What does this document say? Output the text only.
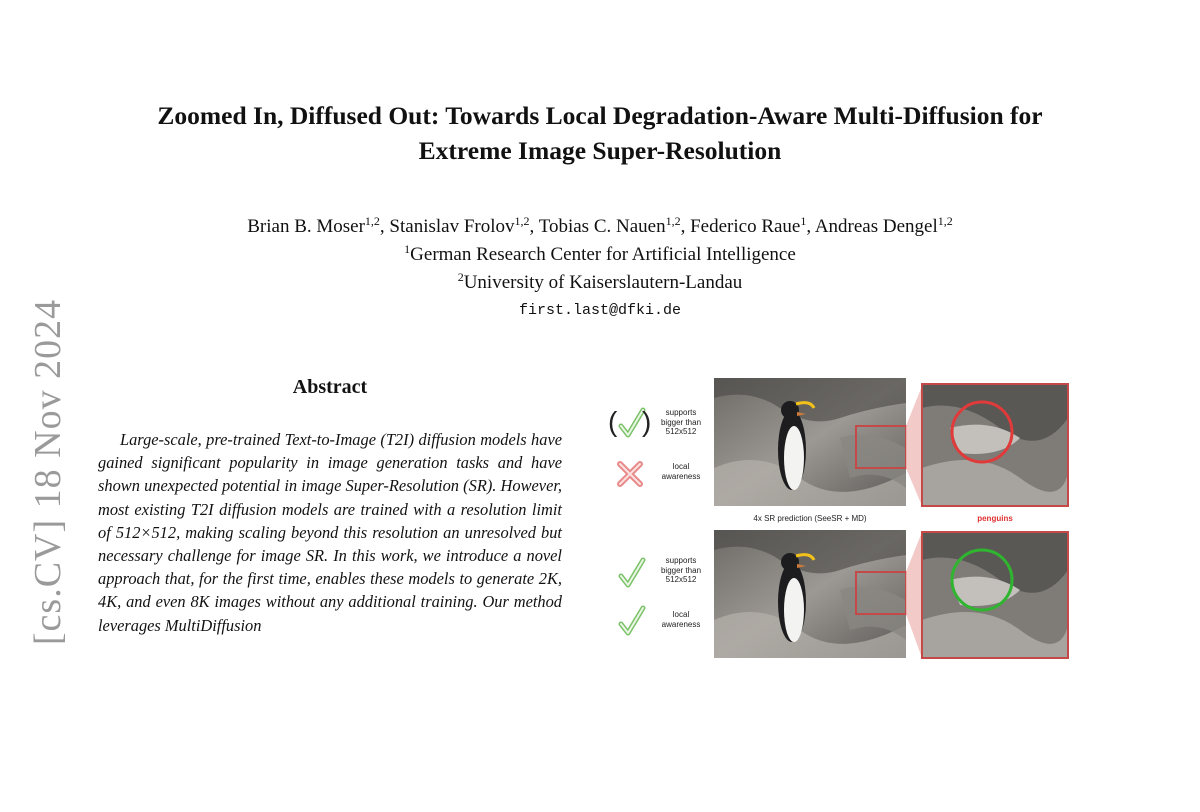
[cs.CV] 18 Nov 2024
Zoomed In, Diffused Out: Towards Local Degradation-Aware Multi-Diffusion for
Extreme Image Super-Resolution
Brian B. Moser$^{1,2}$, Stanislav Frolov$^{1,2}$, Tobias C. Nauen$^{1,2}$, Federico Raue$^1$, Andreas Dengel$^{1,2}$
$^1$German Research Center for Artificial Intelligence
$^2$University of Kaiserslautern-Landau
first.last@dfki.de
Abstract
Large-scale, pre-trained Text-to-Image (T2I) diffusion models have gained significant popularity in image generation tasks and have shown unexpected potential in image Super-Resolution (SR). However, most existing T2I diffusion models are trained with a resolution limit of 512×512, making scaling beyond this resolution an unresolved but necessary challenge for image SR. In this work, we introduce a novel approach that, for the first time, enables these models to generate 2K, 4K, and even 8K images without any additional training. Our method leverages MultiDiffusion
( )	supports bigger than 512x512
local awareness
4x SR prediction (SeeSR + MD)	penguins
supports bigger than 512x512
local awareness
